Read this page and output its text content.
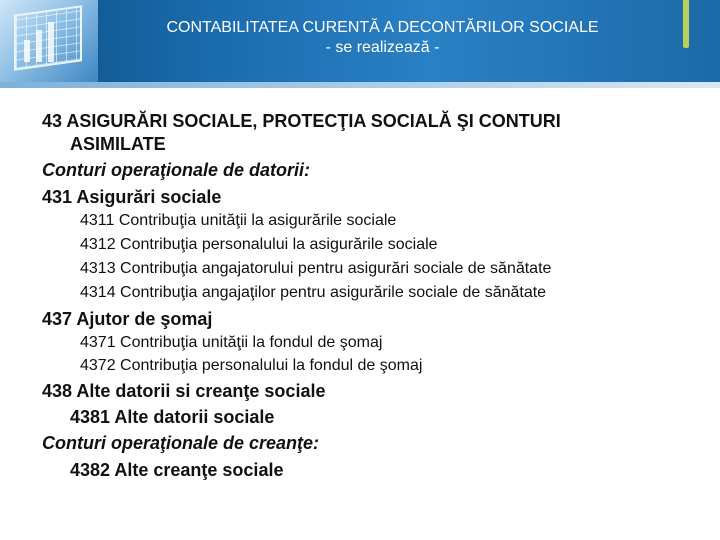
CONTABILITATEA CURENTĂ A DECONTĂRILOR SOCIALE
- se realizează -
43 ASIGURĂRI SOCIALE, PROTECŢIA SOCIALĂ ŞI CONTURI
ASIMILATE
Conturi operaţionale de datorii:
431 Asigurări sociale
4311 Contribuţia unităţii la asigurările sociale
4312 Contribuţia personalului la asigurările sociale
4313 Contribuţia angajatorului pentru asigurări sociale de sănătate
4314 Contribuţia angajaţilor pentru asigurările sociale de sănătate
437 Ajutor de şomaj
4371 Contribuţia unităţii la fondul de şomaj
4372 Contribuţia personalului la fondul de şomaj
438 Alte datorii si creanţe sociale
4381 Alte datorii sociale
Conturi operaţionale de creanţe:
4382 Alte creanţe sociale
